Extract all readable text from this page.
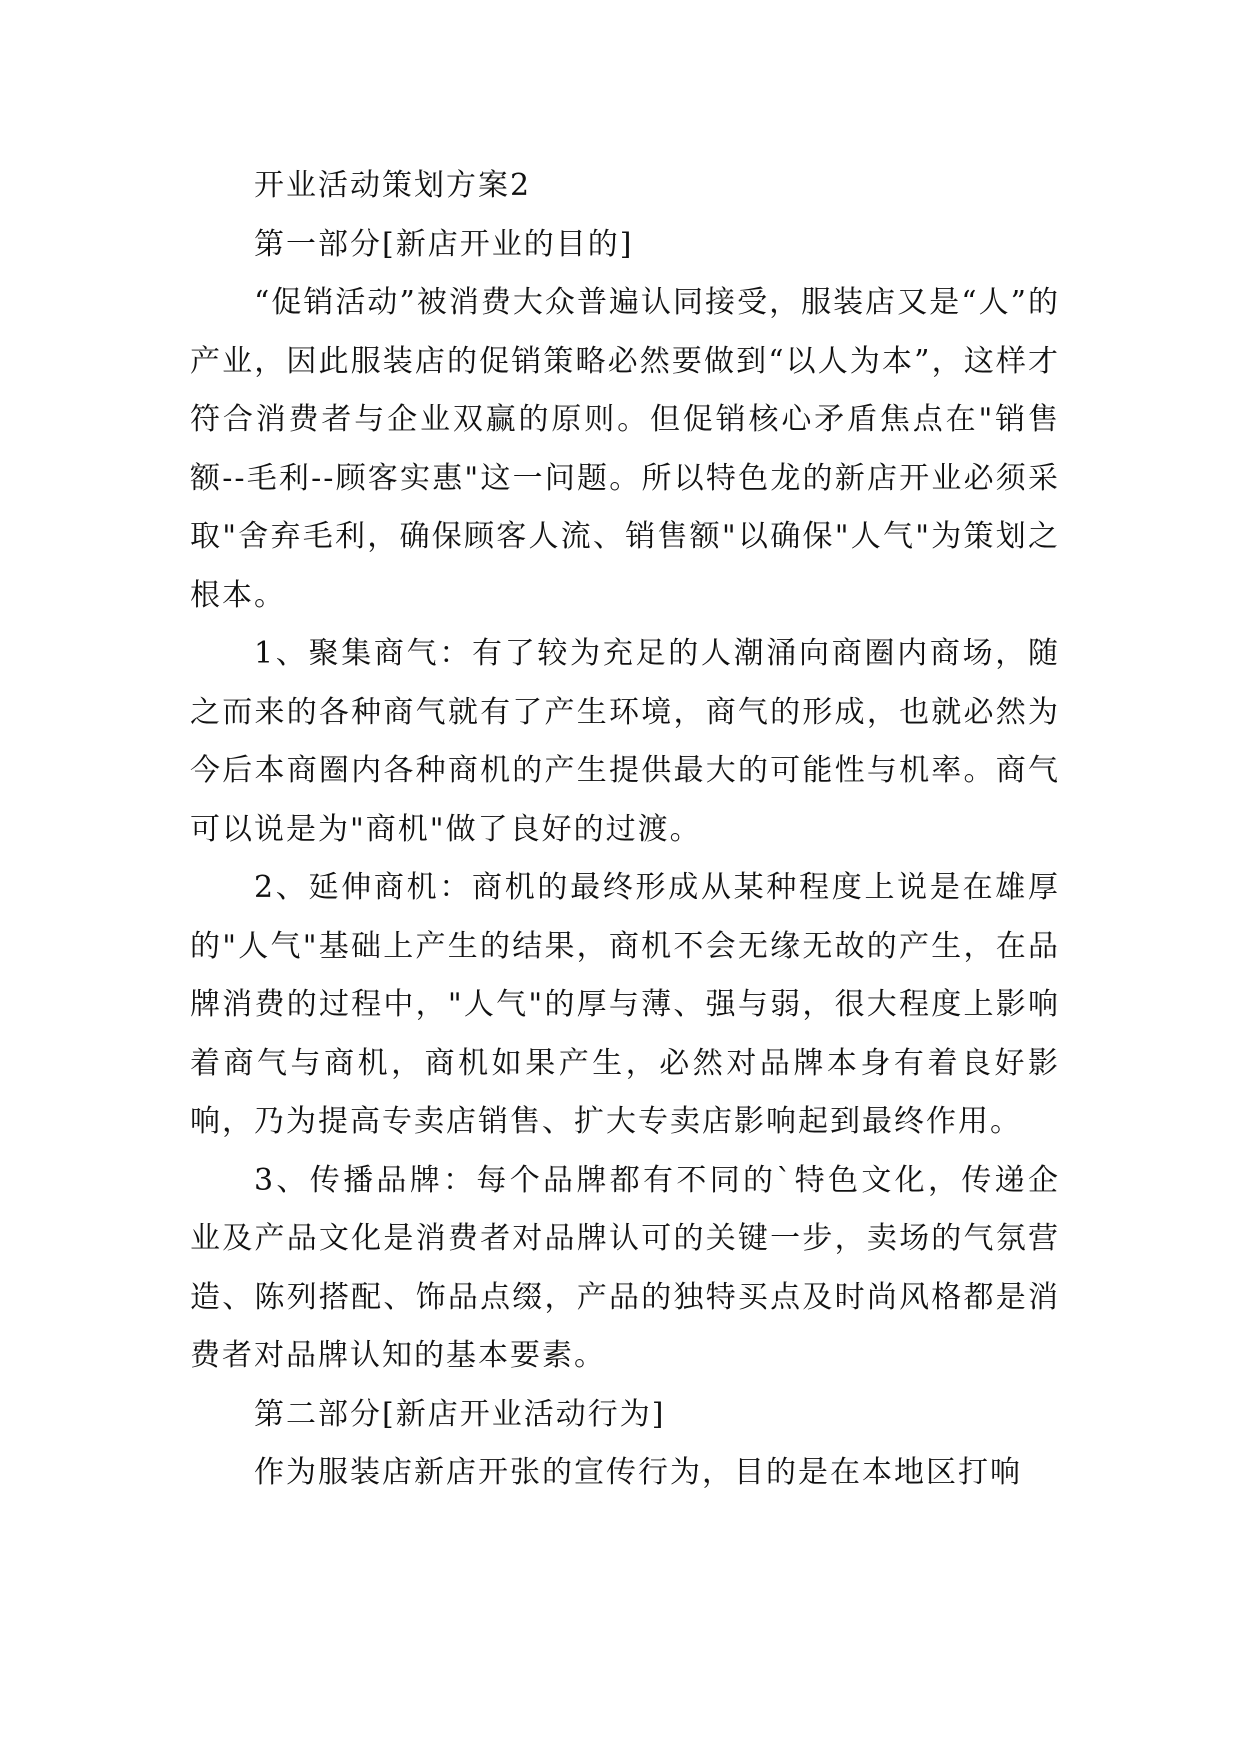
开业活动策划方案2

第一部分[新店开业的目的]

“促销活动”被消费大众普遍认同接受，服装店又是“人”的产业，因此服装店的促销策略必然要做到“以人为本”，这样才符合消费者与企业双赢的原则。但促销核心矛盾焦点在"销售额--毛利--顾客实惠"这一问题。所以特色龙的新店开业必须采取"舍弃毛利，确保顾客人流、销售额"以确保"人气"为策划之根本。

1、聚集商气：有了较为充足的人潮涌向商圈内商场，随之而来的各种商气就有了产生环境，商气的形成，也就必然为今后本商圈内各种商机的产生提供最大的可能性与机率。商气可以说是为"商机"做了良好的过渡。

2、延伸商机：商机的最终形成从某种程度上说是在雄厚的"人气"基础上产生的结果，商机不会无缘无故的产生，在品牌消费的过程中，"人气"的厚与薄、强与弱，很大程度上影响着商气与商机，商机如果产生，必然对品牌本身有着良好影响，乃为提高专卖店销售、扩大专卖店影响起到最终作用。

3、传播品牌：每个品牌都有不同的`特色文化，传递企业及产品文化是消费者对品牌认可的关键一步，卖场的气氛营造、陈列搭配、饰品点缀，产品的独特买点及时尚风格都是消费者对品牌认知的基本要素。

第二部分[新店开业活动行为]

作为服装店新店开张的宣传行为，目的是在本地区打响
